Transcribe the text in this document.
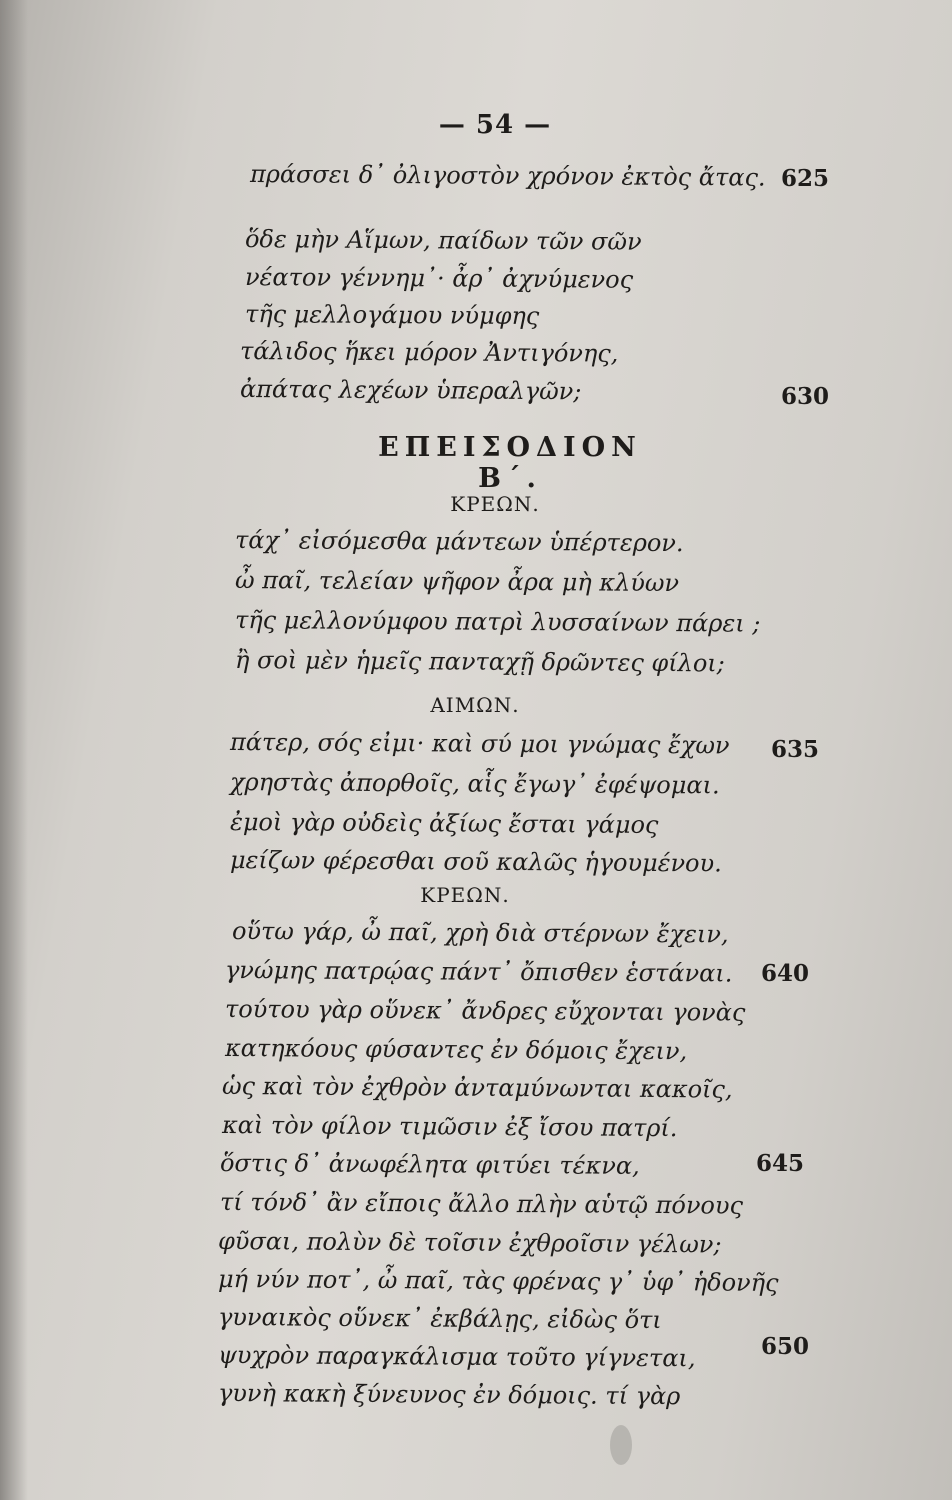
— 54 —
πράσσει δ᾽ ὀλιγοστὸν χρόνον ἐκτὸς ἄτας. 625
ὅδε μὴν Αἵμων, παίδων τῶν σῶν
νέατον γέννημ᾽· ἆρ᾽ ἀχνύμενος
τῆς μελλογάμου νύμφης
τάλιδος ἥκει μόρον Ἀντιγόνης,
ἀπάτας λεχέων ὑπεραλγῶν;	630
ΕΠΕΙΣΟΔΙΟΝ Β΄.
ΚΡΕΩΝ.
τάχ᾽ εἰσόμεσθα μάντεων ὑπέρτερον.
ὦ παῖ, τελείαν ψῆφον ἆρα μὴ κλύων
τῆς μελλονύμφου πατρὶ λυσσαίνων πάρει ;
ἢ σοὶ μὲν ἡμεῖς πανταχῇ δρῶντες φίλοι;
ΑΙΜΩΝ.
πάτερ, σός εἰμι· καὶ σύ μοι γνώμας ἔχων	635
χρηστὰς ἀπορθοῖς, αἷς ἔγωγ᾽ ἐφέψομαι.
ἐμοὶ γὰρ οὐδεὶς ἀξίως ἔσται γάμος
μείζων φέρεσθαι σοῦ καλῶς ἡγουμένου.
ΚΡΕΩΝ.
οὕτω γάρ, ὦ παῖ, χρὴ διὰ στέρνων ἔχειν,
γνώμης πατρῴας πάντ᾽ ὄπισθεν ἑστάναι.	640
τούτου γὰρ οὕνεκ᾽ ἄνδρες εὔχονται γονὰς
κατηκόους φύσαντες ἐν δόμοις ἔχειν,
ὡς καὶ τὸν ἐχθρὸν ἀνταμύνωνται κακοῖς,
καὶ τὸν φίλον τιμῶσιν ἐξ ἴσου πατρί.
ὅστις δ᾽ ἀνωφέλητα φιτύει τέκνα,	645
τί τόνδ᾽ ἂν εἴποις ἄλλο πλὴν αὑτῷ πόνους
φῦσαι, πολὺν δὲ τοῖσιν ἐχθροῖσιν γέλων;
μή νύν ποτ᾽, ὦ παῖ, τὰς φρένας γ᾽ ὑφ᾽ ἡδονῆς
γυναικὸς οὕνεκ᾽ ἐκβάλῃς, εἰδὼς ὅτι
ψυχρὸν παραγκάλισμα τοῦτο γίγνεται,	650
γυνὴ κακὴ ξύνευνος ἐν δόμοις. τί γὰρ
